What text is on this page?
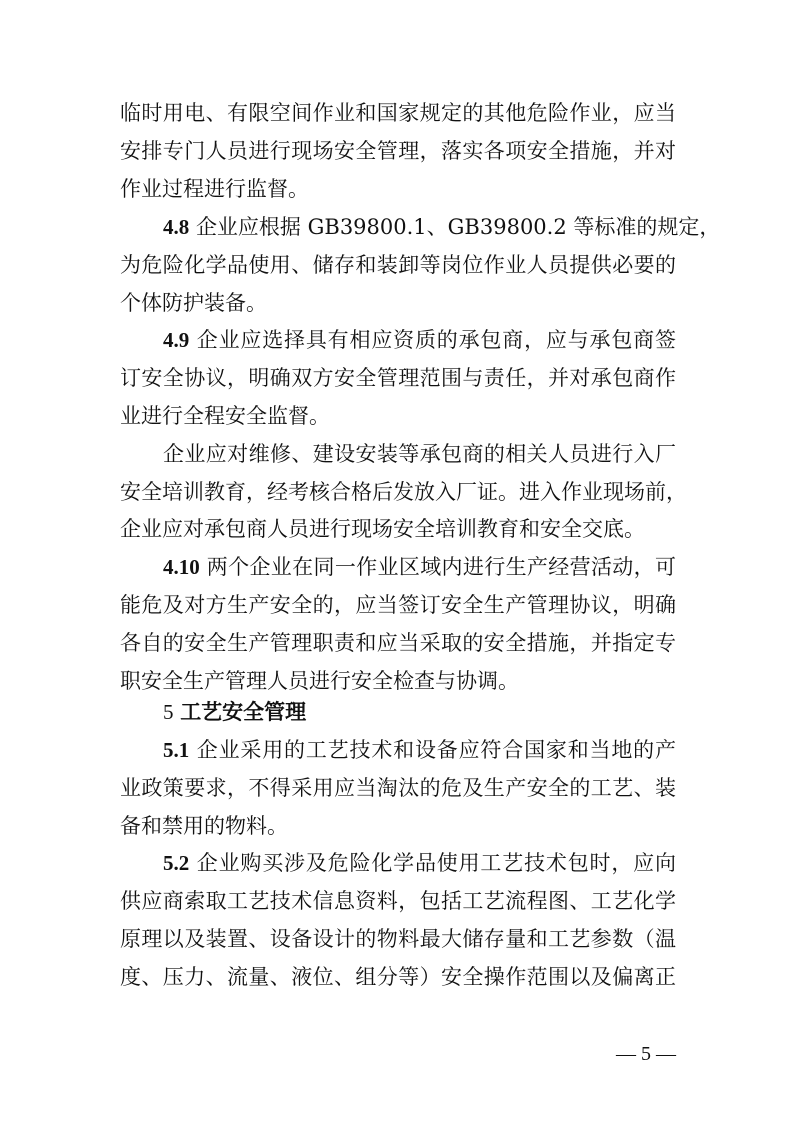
临时用电、有限空间作业和国家规定的其他危险作业，应当
安排专门人员进行现场安全管理，落实各项安全措施，并对
作业过程进行监督。
4.8 企业应根据 GB39800.1、GB39800.2 等标准的规定，
为危险化学品使用、储存和装卸等岗位作业人员提供必要的
个体防护装备。
4.9 企业应选择具有相应资质的承包商，应与承包商签
订安全协议，明确双方安全管理范围与责任，并对承包商作
业进行全程安全监督。
企业应对维修、建设安装等承包商的相关人员进行入厂
安全培训教育，经考核合格后发放入厂证。进入作业现场前，
企业应对承包商人员进行现场安全培训教育和安全交底。
4.10 两个企业在同一作业区域内进行生产经营活动，可
能危及对方生产安全的，应当签订安全生产管理协议，明确
各自的安全生产管理职责和应当采取的安全措施，并指定专
职安全生产管理人员进行安全检查与协调。
5 工艺安全管理
5.1 企业采用的工艺技术和设备应符合国家和当地的产
业政策要求，不得采用应当淘汰的危及生产安全的工艺、装
备和禁用的物料。
5.2 企业购买涉及危险化学品使用工艺技术包时，应向
供应商索取工艺技术信息资料，包括工艺流程图、工艺化学
原理以及装置、设备设计的物料最大储存量和工艺参数（温
度、压力、流量、液位、组分等）安全操作范围以及偏离正
— 5 —
